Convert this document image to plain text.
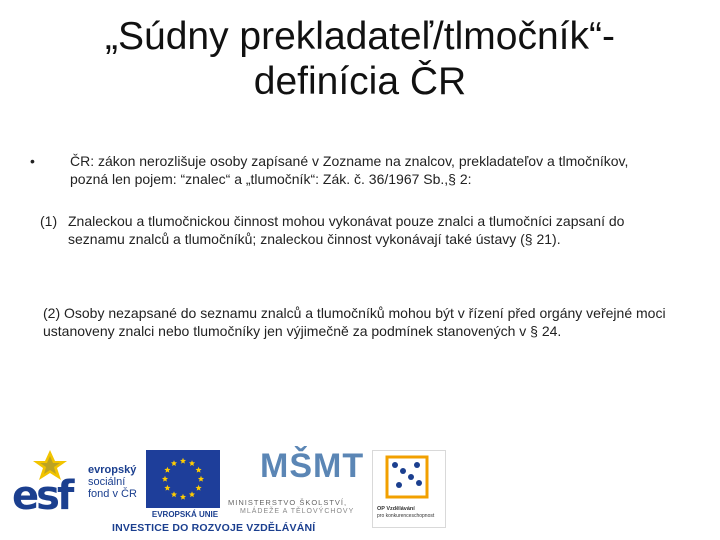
„Súdny prekladateľ/tlmočník“-
definícia ČR
•	ČR: zákon nerozlišuje osoby zapísané v Zozname na znalcov, prekladateľov a tlmočníkov, pozná len pojem: “znalec“ a „tlumočník“: Zák. č. 36/1967 Sb.,§ 2:
(1) Znaleckou a tlumočnickou činnost mohou vykonávat pouze znalci a tlumočníci zapsaní do seznamu znalců a tlumočníků; znaleckou činnost vykonávají také ústavy (§ 21).
(2) Osoby nezapsané do seznamu znalců a tlumočníků mohou být v řízení před orgány veřejné moci ustanoveny znalci nebo tlumočníky jen výjimečně za podmínek stanovených v § 24.
esf
evropský
sociální
fond v ČR
EVROPSKÁ UNIE
MŠMT
MINISTERSTVO ŠKOLSTVÍ,
MLÁDEŽE A TĚLOVÝCHOVY	OP Vzdělávání
pro konkurenceschopnost
INVESTICE DO ROZVOJE VZDĚLÁVÁNÍ
